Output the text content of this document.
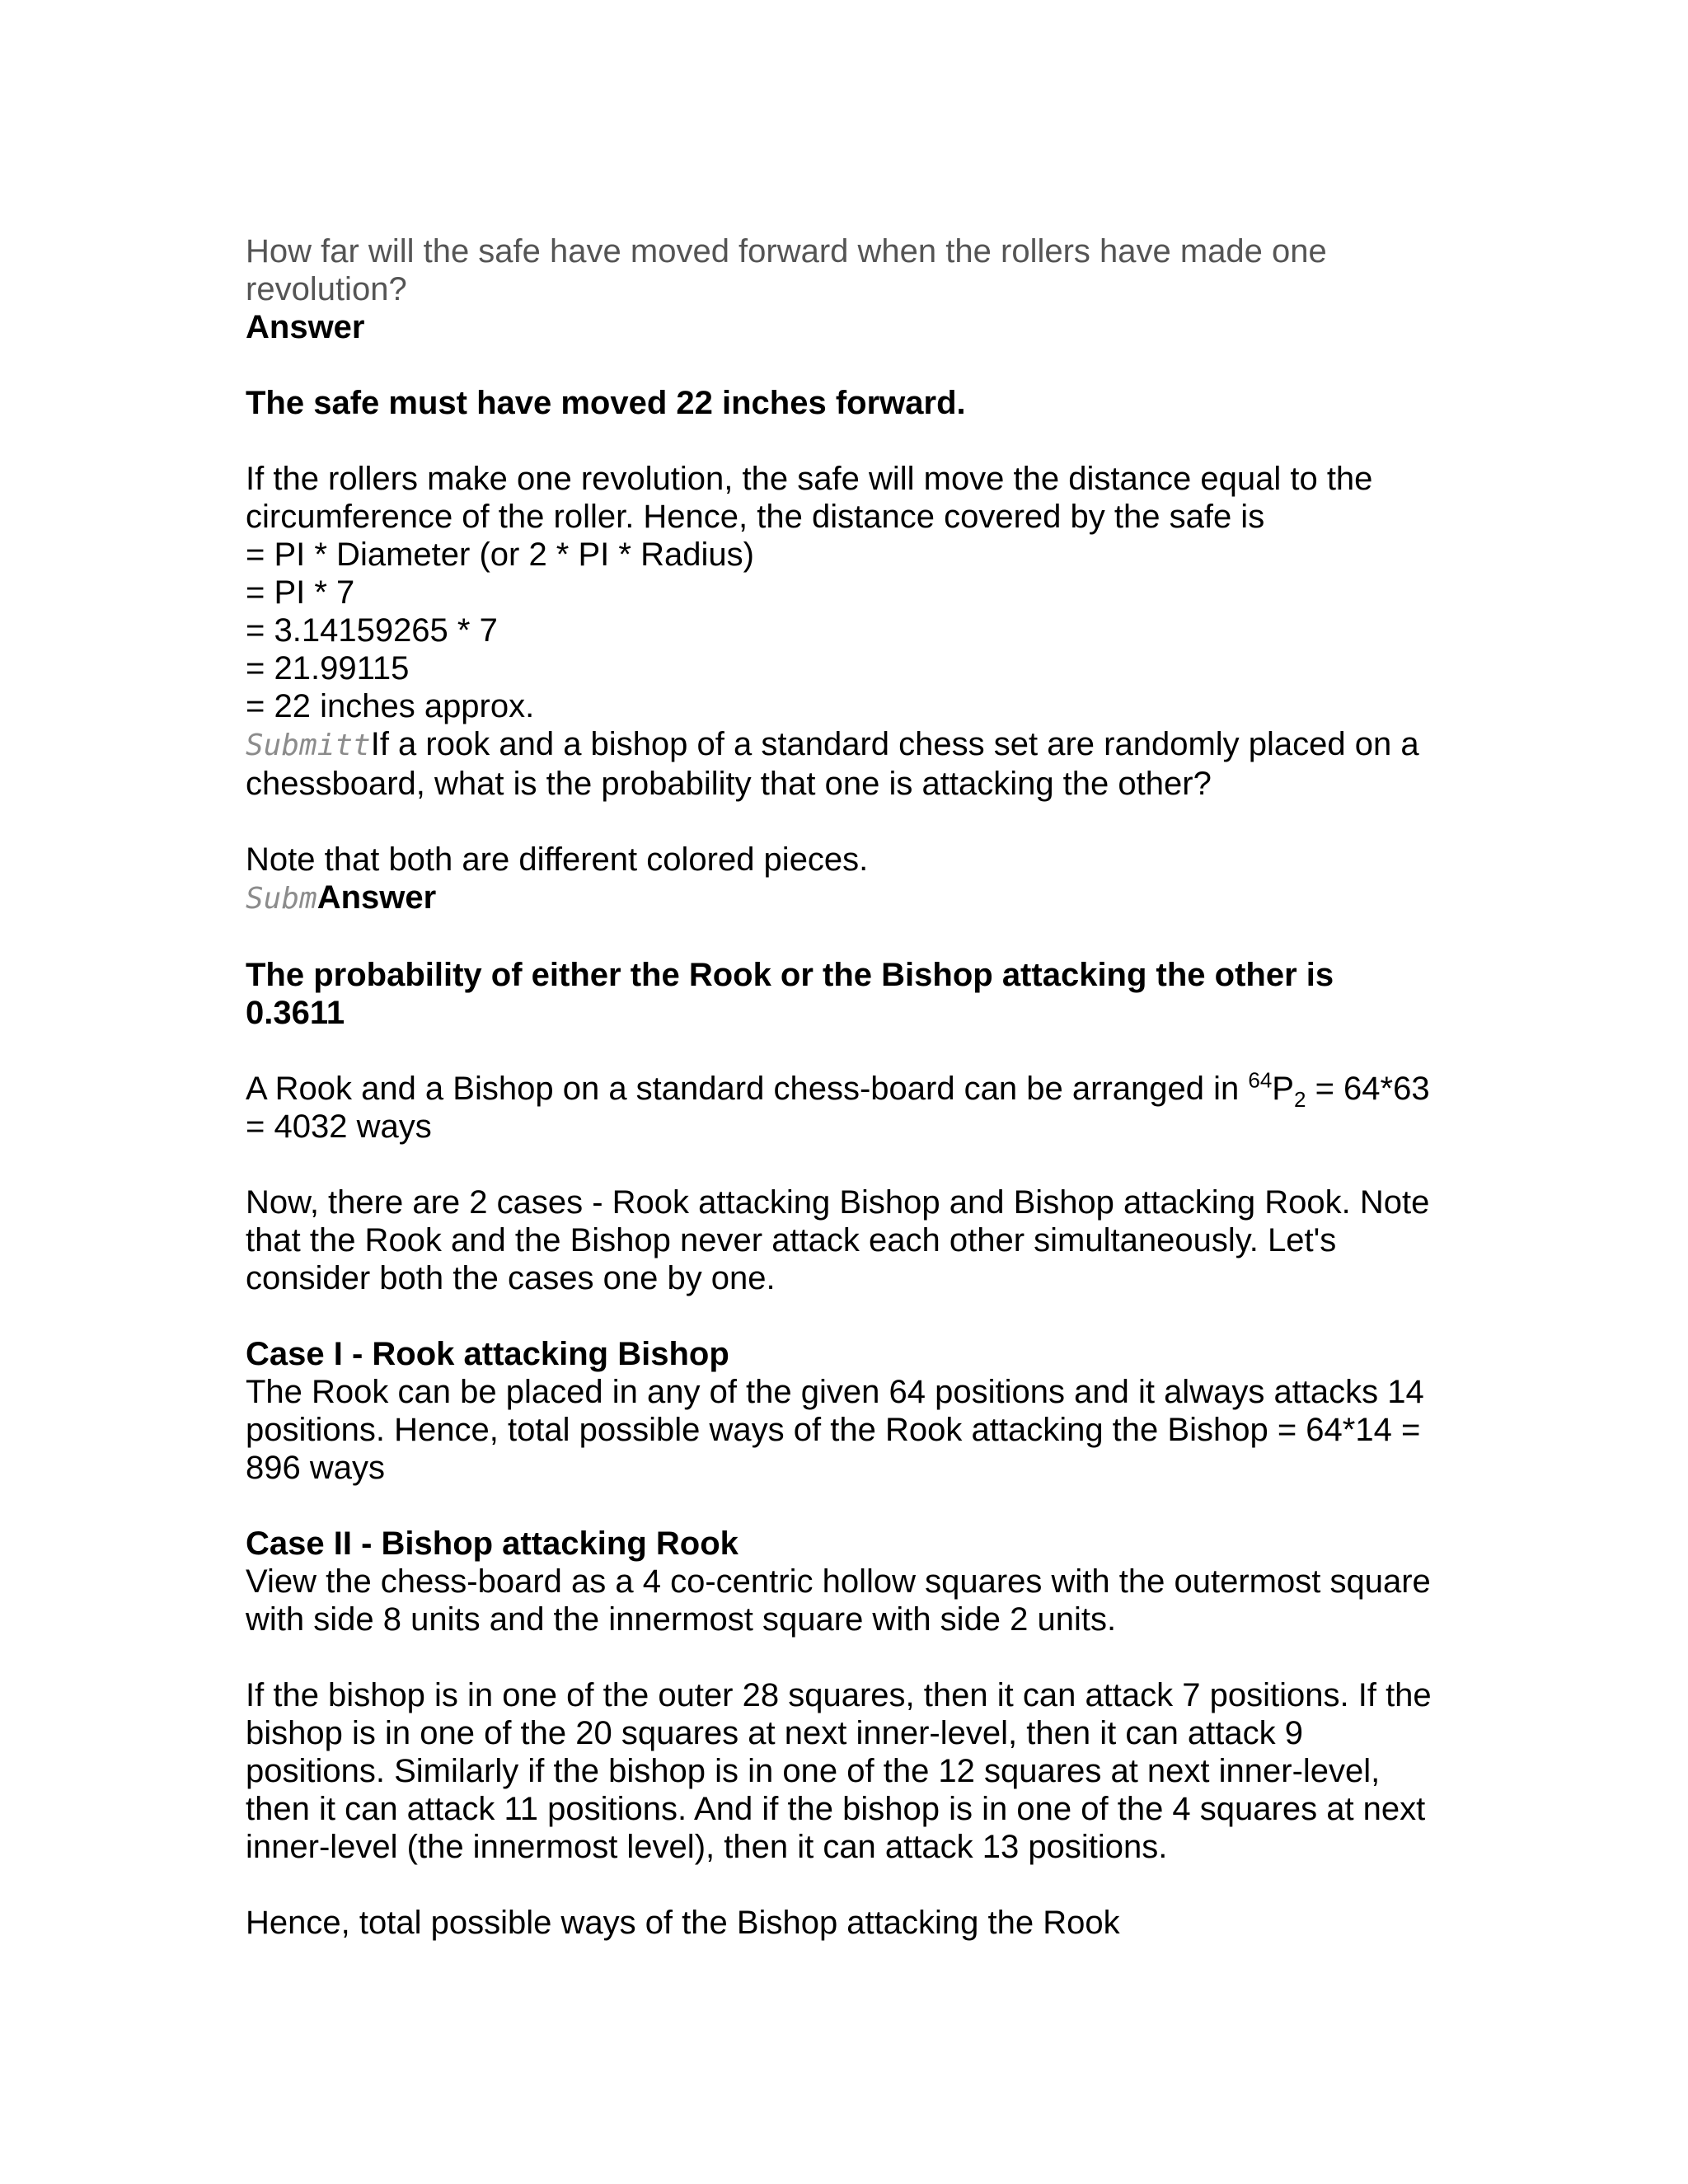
How far will the safe have moved forward when the rollers have made one
revolution?
Answer
The safe must have moved 22 inches forward.
If the rollers make one revolution, the safe will move the distance equal to the
circumference of the roller. Hence, the distance covered by the safe is
= PI * Diameter (or 2 * PI * Radius)
= PI * 7
= 3.14159265 * 7
= 21.99115
= 22 inches approx.
SubmittIf a rook and a bishop of a standard chess set are randomly placed on a
chessboard, what is the probability that one is attacking the other?
Note that both are different colored pieces.
SubmAnswer
The probability of either the Rook or the Bishop attacking the other is
0.3611
A Rook and a Bishop on a standard chess-board can be arranged in $^{64}P_2 = 64*63$
= 4032 ways
Now, there are 2 cases - Rook attacking Bishop and Bishop attacking Rook. Note
that the Rook and the Bishop never attack each other simultaneously. Let's
consider both the cases one by one.
Case I - Rook attacking Bishop
The Rook can be placed in any of the given 64 positions and it always attacks 14
positions. Hence, total possible ways of the Rook attacking the Bishop = 64*14 =
896 ways
Case II - Bishop attacking Rook
View the chess-board as a 4 co-centric hollow squares with the outermost square
with side 8 units and the innermost square with side 2 units.
If the bishop is in one of the outer 28 squares, then it can attack 7 positions. If the
bishop is in one of the 20 squares at next inner-level, then it can attack 9
positions. Similarly if the bishop is in one of the 12 squares at next inner-level,
then it can attack 11 positions. And if the bishop is in one of the 4 squares at next
inner-level (the innermost level), then it can attack 13 positions.
Hence, total possible ways of the Bishop attacking the Rook
